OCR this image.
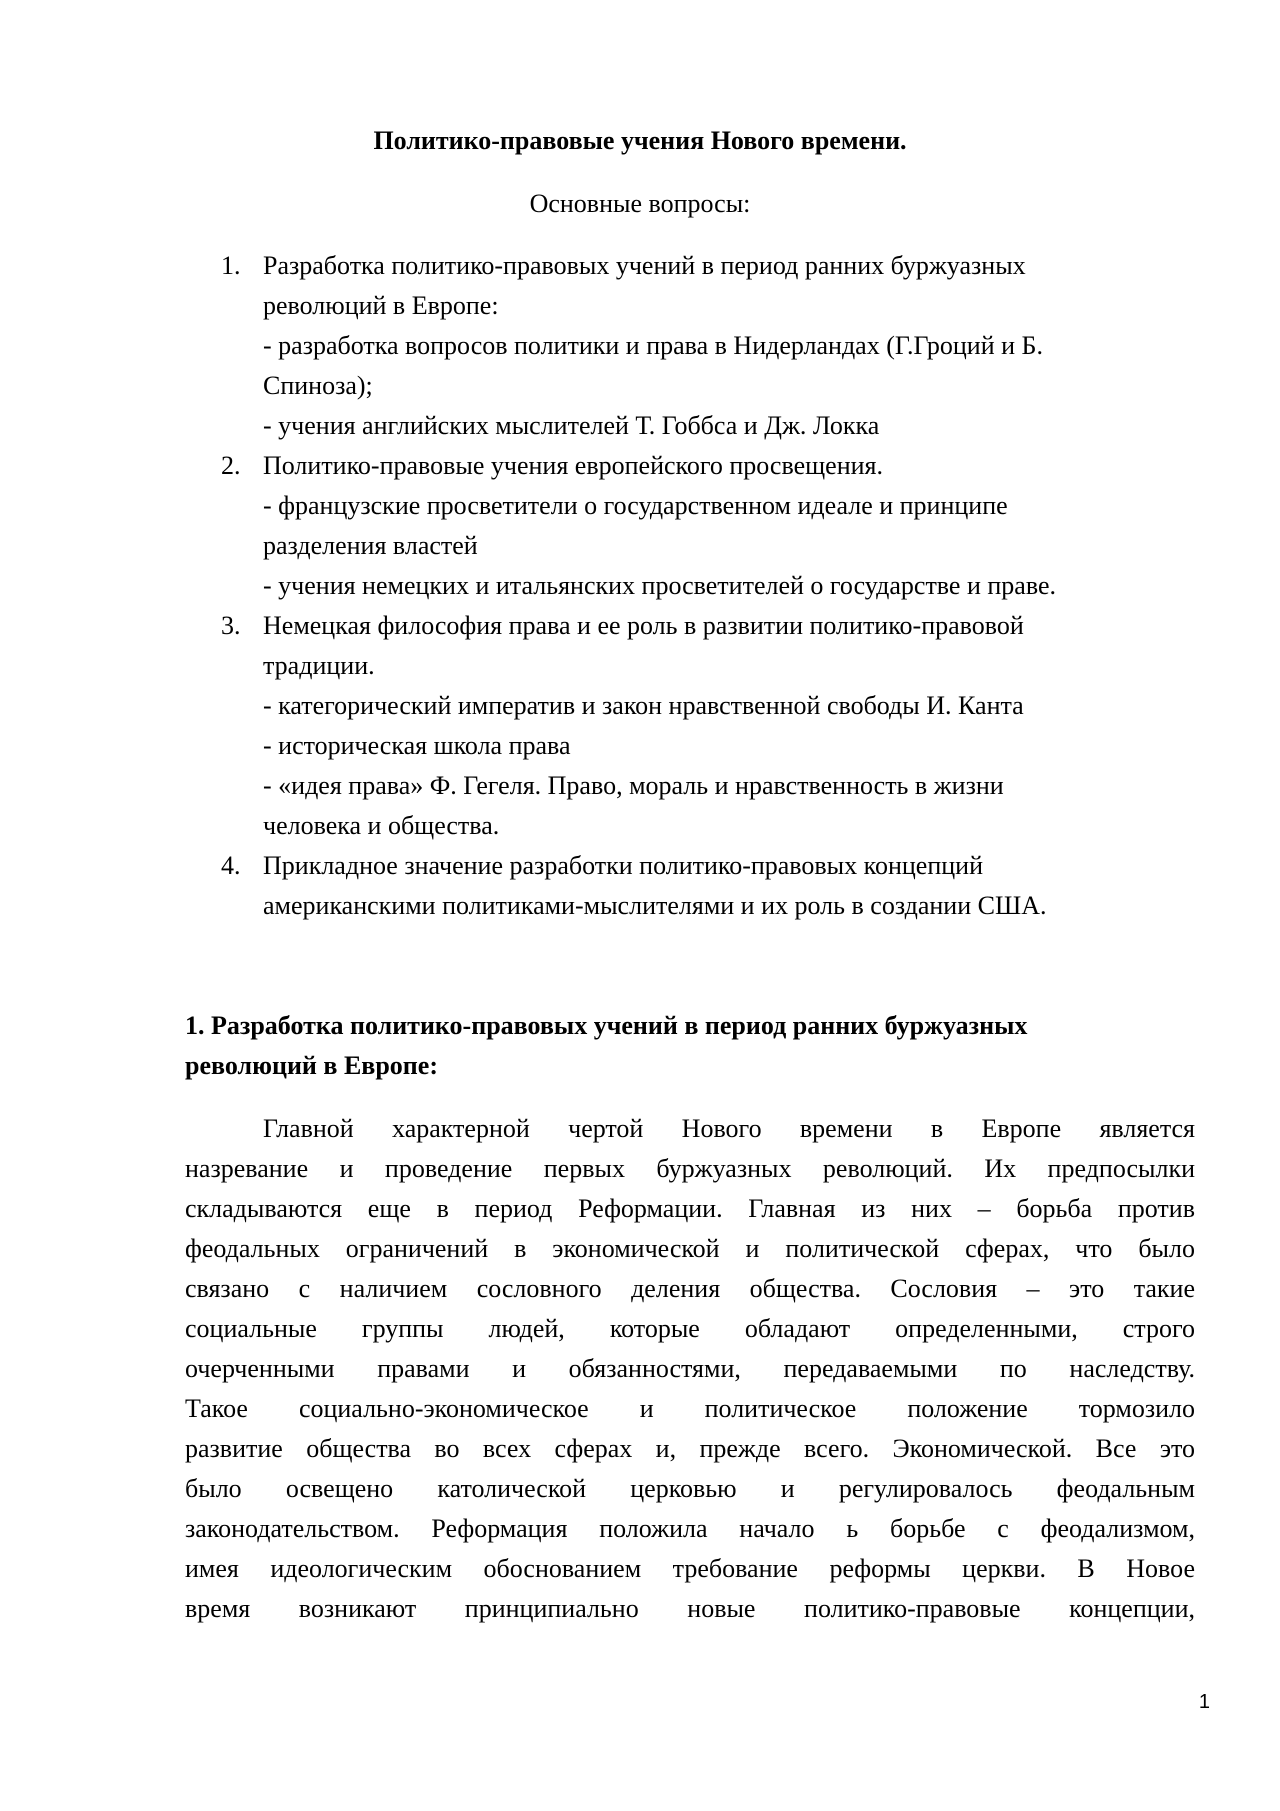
Политико-правовые учения Нового времени.
Основные вопросы:
1. Разработка политико-правовых учений в период ранних буржуазных
революций в Европе:
- разработка вопросов политики и права в Нидерландах (Г.Гроций и Б.
Спиноза);
- учения английских мыслителей Т. Гоббса и Дж. Локка
2. Политико-правовые учения европейского просвещения.
- французские просветители о государственном идеале и принципе
разделения властей
- учения немецких и итальянских просветителей о государстве и праве.
3. Немецкая философия права и ее роль в развитии политико-правовой
традиции.
- категорический императив и закон нравственной свободы И. Канта
- историческая школа права
- «идея права» Ф. Гегеля. Право, мораль и нравственность в жизни
человека и общества.
4. Прикладное значение разработки политико-правовых концепций
американскими политиками-мыслителями и их роль в создании США.
1. Разработка политико-правовых учений в период ранних буржуазных
революций в Европе:
Главной характерной чертой Нового времени в Европе является
назревание и проведение первых буржуазных революций. Их предпосылки
складываются еще в период Реформации. Главная из них – борьба против
феодальных ограничений в экономической и политической сферах, что было
связано с наличием сословного деления общества. Сословия – это такие
социальные группы людей, которые обладают определенными, строго
очерченными правами и обязанностями, передаваемыми по наследству.
Такое социально-экономическое и политическое положение тормозило
развитие общества во всех сферах и, прежде всего. Экономической. Все это
было освещено католической церковью и регулировалось феодальным
законодательством. Реформация положила начало ь борьбе с феодализмом,
имея идеологическим обоснованием требование реформы церкви. В Новое
время возникают принципиально новые политико-правовые концепции,
1
